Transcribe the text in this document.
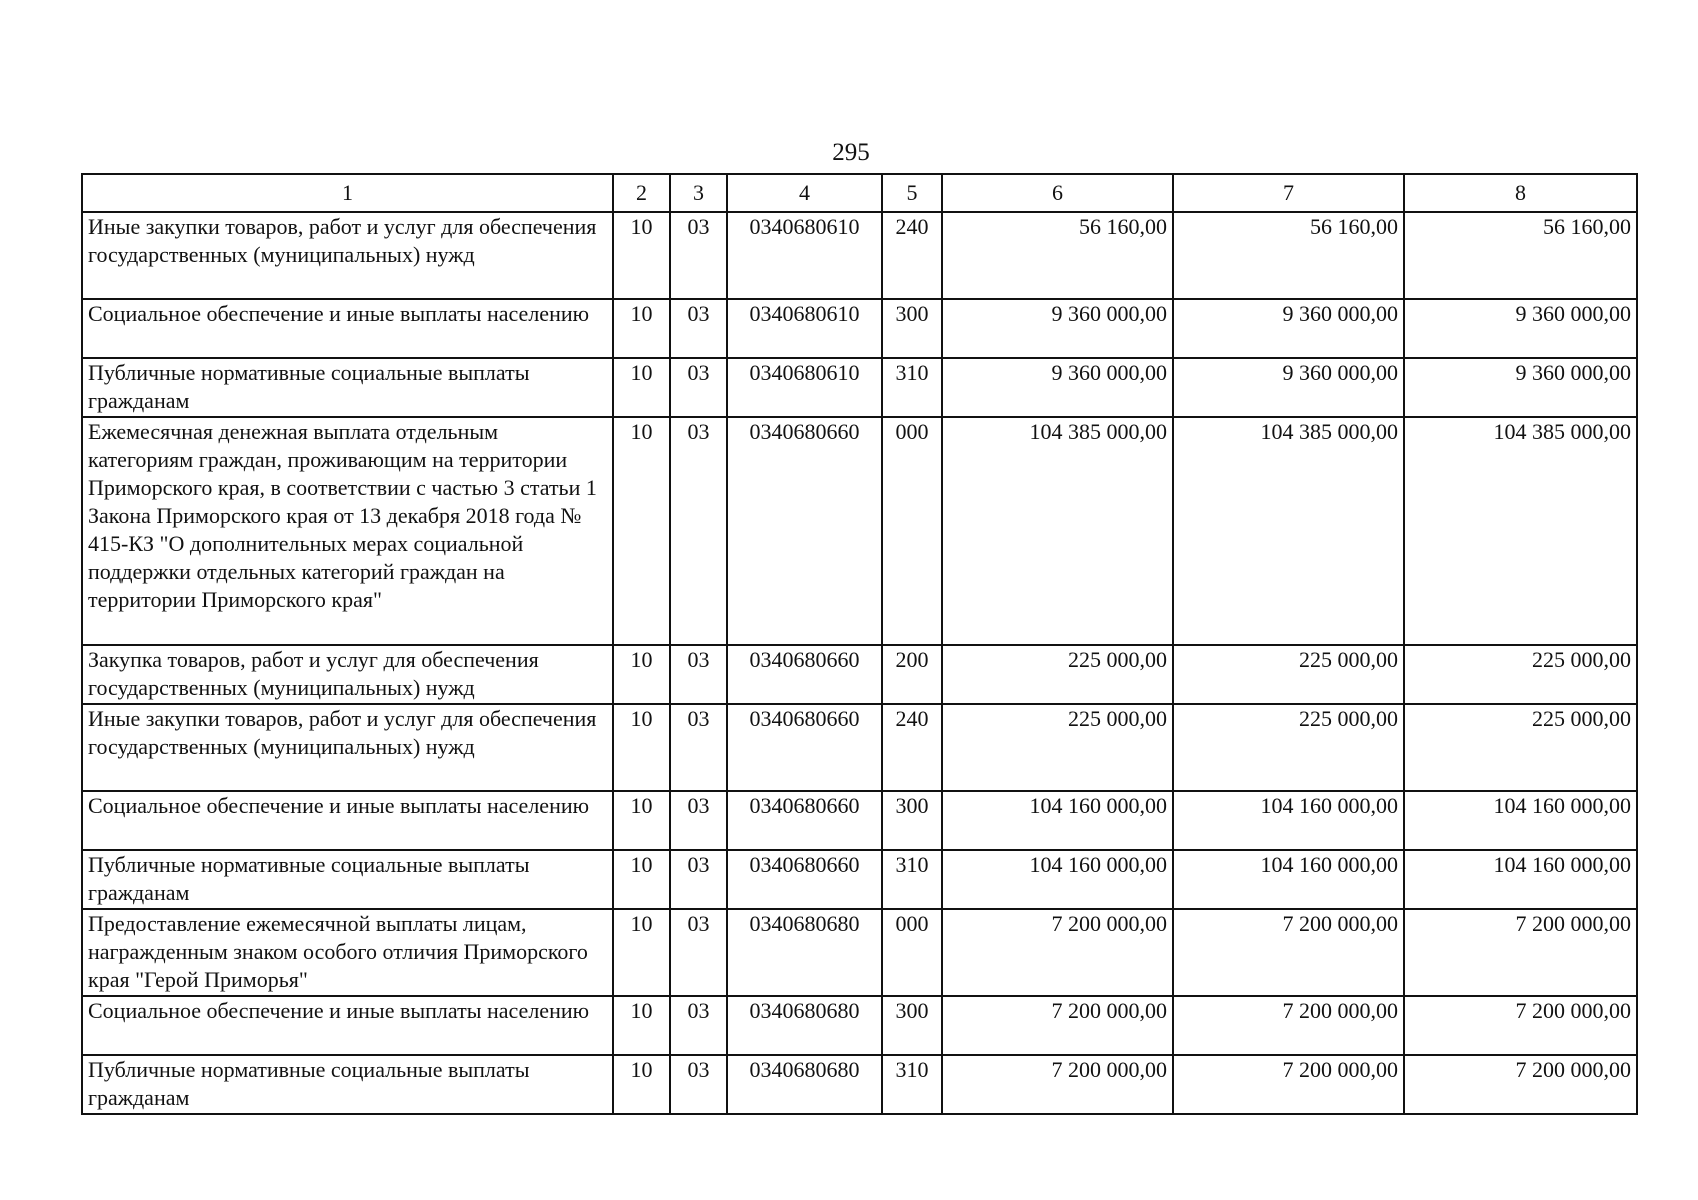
295
1	2	3	4	5	6	7	8
Иные закупки товаров, работ и услуг для обеспечения государственных (муниципальных) нужд	10	03	0340680610	240	56 160,00	56 160,00	56 160,00
Социальное обеспечение и иные выплаты населению	10	03	0340680610	300	9 360 000,00	9 360 000,00	9 360 000,00
Публичные нормативные социальные выплаты гражданам	10	03	0340680610	310	9 360 000,00	9 360 000,00	9 360 000,00
Ежемесячная денежная выплата отдельным категориям граждан, проживающим на территории Приморского края, в соответствии с частью 3 статьи 1 Закона Приморского края от 13 декабря 2018 года № 415-КЗ "О дополнительных мерах социальной поддержки отдельных категорий граждан на территории Приморского края"	10	03	0340680660	000	104 385 000,00	104 385 000,00	104 385 000,00
Закупка товаров, работ и услуг для обеспечения государственных (муниципальных) нужд	10	03	0340680660	200	225 000,00	225 000,00	225 000,00
Иные закупки товаров, работ и услуг для обеспечения государственных (муниципальных) нужд	10	03	0340680660	240	225 000,00	225 000,00	225 000,00
Социальное обеспечение и иные выплаты населению	10	03	0340680660	300	104 160 000,00	104 160 000,00	104 160 000,00
Публичные нормативные социальные выплаты гражданам	10	03	0340680660	310	104 160 000,00	104 160 000,00	104 160 000,00
Предоставление ежемесячной выплаты лицам, награжденным знаком особого отличия Приморского края "Герой Приморья"	10	03	0340680680	000	7 200 000,00	7 200 000,00	7 200 000,00
Социальное обеспечение и иные выплаты населению	10	03	0340680680	300	7 200 000,00	7 200 000,00	7 200 000,00
Публичные нормативные социальные выплаты гражданам	10	03	0340680680	310	7 200 000,00	7 200 000,00	7 200 000,00
